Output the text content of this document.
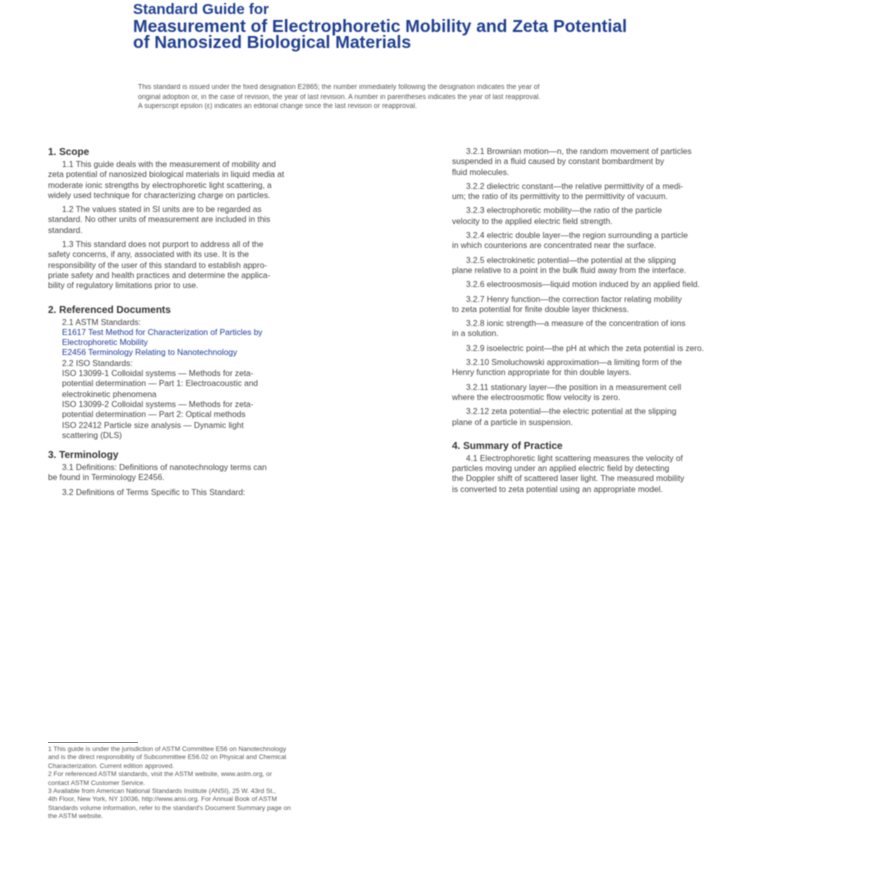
Standard Guide for
Measurement of Electrophoretic Mobility and Zeta Potential
of Nanosized Biological Materials
This standard is issued under the fixed designation E2865; the number immediately following the designation indicates the year of
original adoption or, in the case of revision, the year of last revision. A number in parentheses indicates the year of last reapproval.
A superscript epsilon (ε) indicates an editorial change since the last revision or reapproval.
1. Scope
1.1 This guide deals with the measurement of mobility and
zeta potential of nanosized biological materials in liquid media at
moderate ionic strengths by electrophoretic light scattering, a
widely used technique for characterizing charge on particles.
1.2 The values stated in SI units are to be regarded as
standard. No other units of measurement are included in this
standard.
1.3 This standard does not purport to address all of the
safety concerns, if any, associated with its use. It is the
responsibility of the user of this standard to establish appro-
priate safety and health practices and determine the applica-
bility of regulatory limitations prior to use.
2. Referenced Documents
2.1 ASTM Standards:
E1617 Test Method for Characterization of Particles by
Electrophoretic Mobility
E2456 Terminology Relating to Nanotechnology
2.2 ISO Standards:
ISO 13099-1 Colloidal systems — Methods for zeta-
potential determination — Part 1: Electroacoustic and
electrokinetic phenomena
ISO 13099-2 Colloidal systems — Methods for zeta-
potential determination — Part 2: Optical methods
ISO 22412 Particle size analysis — Dynamic light
scattering (DLS)
3. Terminology
3.1 Definitions: Definitions of nanotechnology terms can
be found in Terminology E2456.
3.2 Definitions of Terms Specific to This Standard:
1 This guide is under the jurisdiction of ASTM Committee E56 on Nanotechnology
and is the direct responsibility of Subcommittee E56.02 on Physical and Chemical
Characterization. Current edition approved.
2 For referenced ASTM standards, visit the ASTM website, www.astm.org, or
contact ASTM Customer Service.
3 Available from American National Standards Institute (ANSI), 25 W. 43rd St.,
4th Floor, New York, NY 10036, http://www.ansi.org. For Annual Book of ASTM
Standards volume information, refer to the standard's Document Summary page on
the ASTM website.
3.2.1 Brownian motion—n, the random movement of particles
suspended in a fluid caused by constant bombardment by
fluid molecules.
3.2.2 dielectric constant—the relative permittivity of a medi-
um; the ratio of its permittivity to the permittivity of vacuum.
3.2.3 electrophoretic mobility—the ratio of the particle
velocity to the applied electric field strength.
3.2.4 electric double layer—the region surrounding a particle
in which counterions are concentrated near the surface.
3.2.5 electrokinetic potential—the potential at the slipping
plane relative to a point in the bulk fluid away from the interface.
3.2.6 electroosmosis—liquid motion induced by an applied field.
3.2.7 Henry function—the correction factor relating mobility
to zeta potential for finite double layer thickness.
3.2.8 ionic strength—a measure of the concentration of ions
in a solution.
3.2.9 isoelectric point—the pH at which the zeta potential is zero.
3.2.10 Smoluchowski approximation—a limiting form of the
Henry function appropriate for thin double layers.
3.2.11 stationary layer—the position in a measurement cell
where the electroosmotic flow velocity is zero.
3.2.12 zeta potential—the electric potential at the slipping
plane of a particle in suspension.
4. Summary of Practice
4.1 Electrophoretic light scattering measures the velocity of
particles moving under an applied electric field by detecting
the Doppler shift of scattered laser light. The measured mobility
is converted to zeta potential using an appropriate model.
